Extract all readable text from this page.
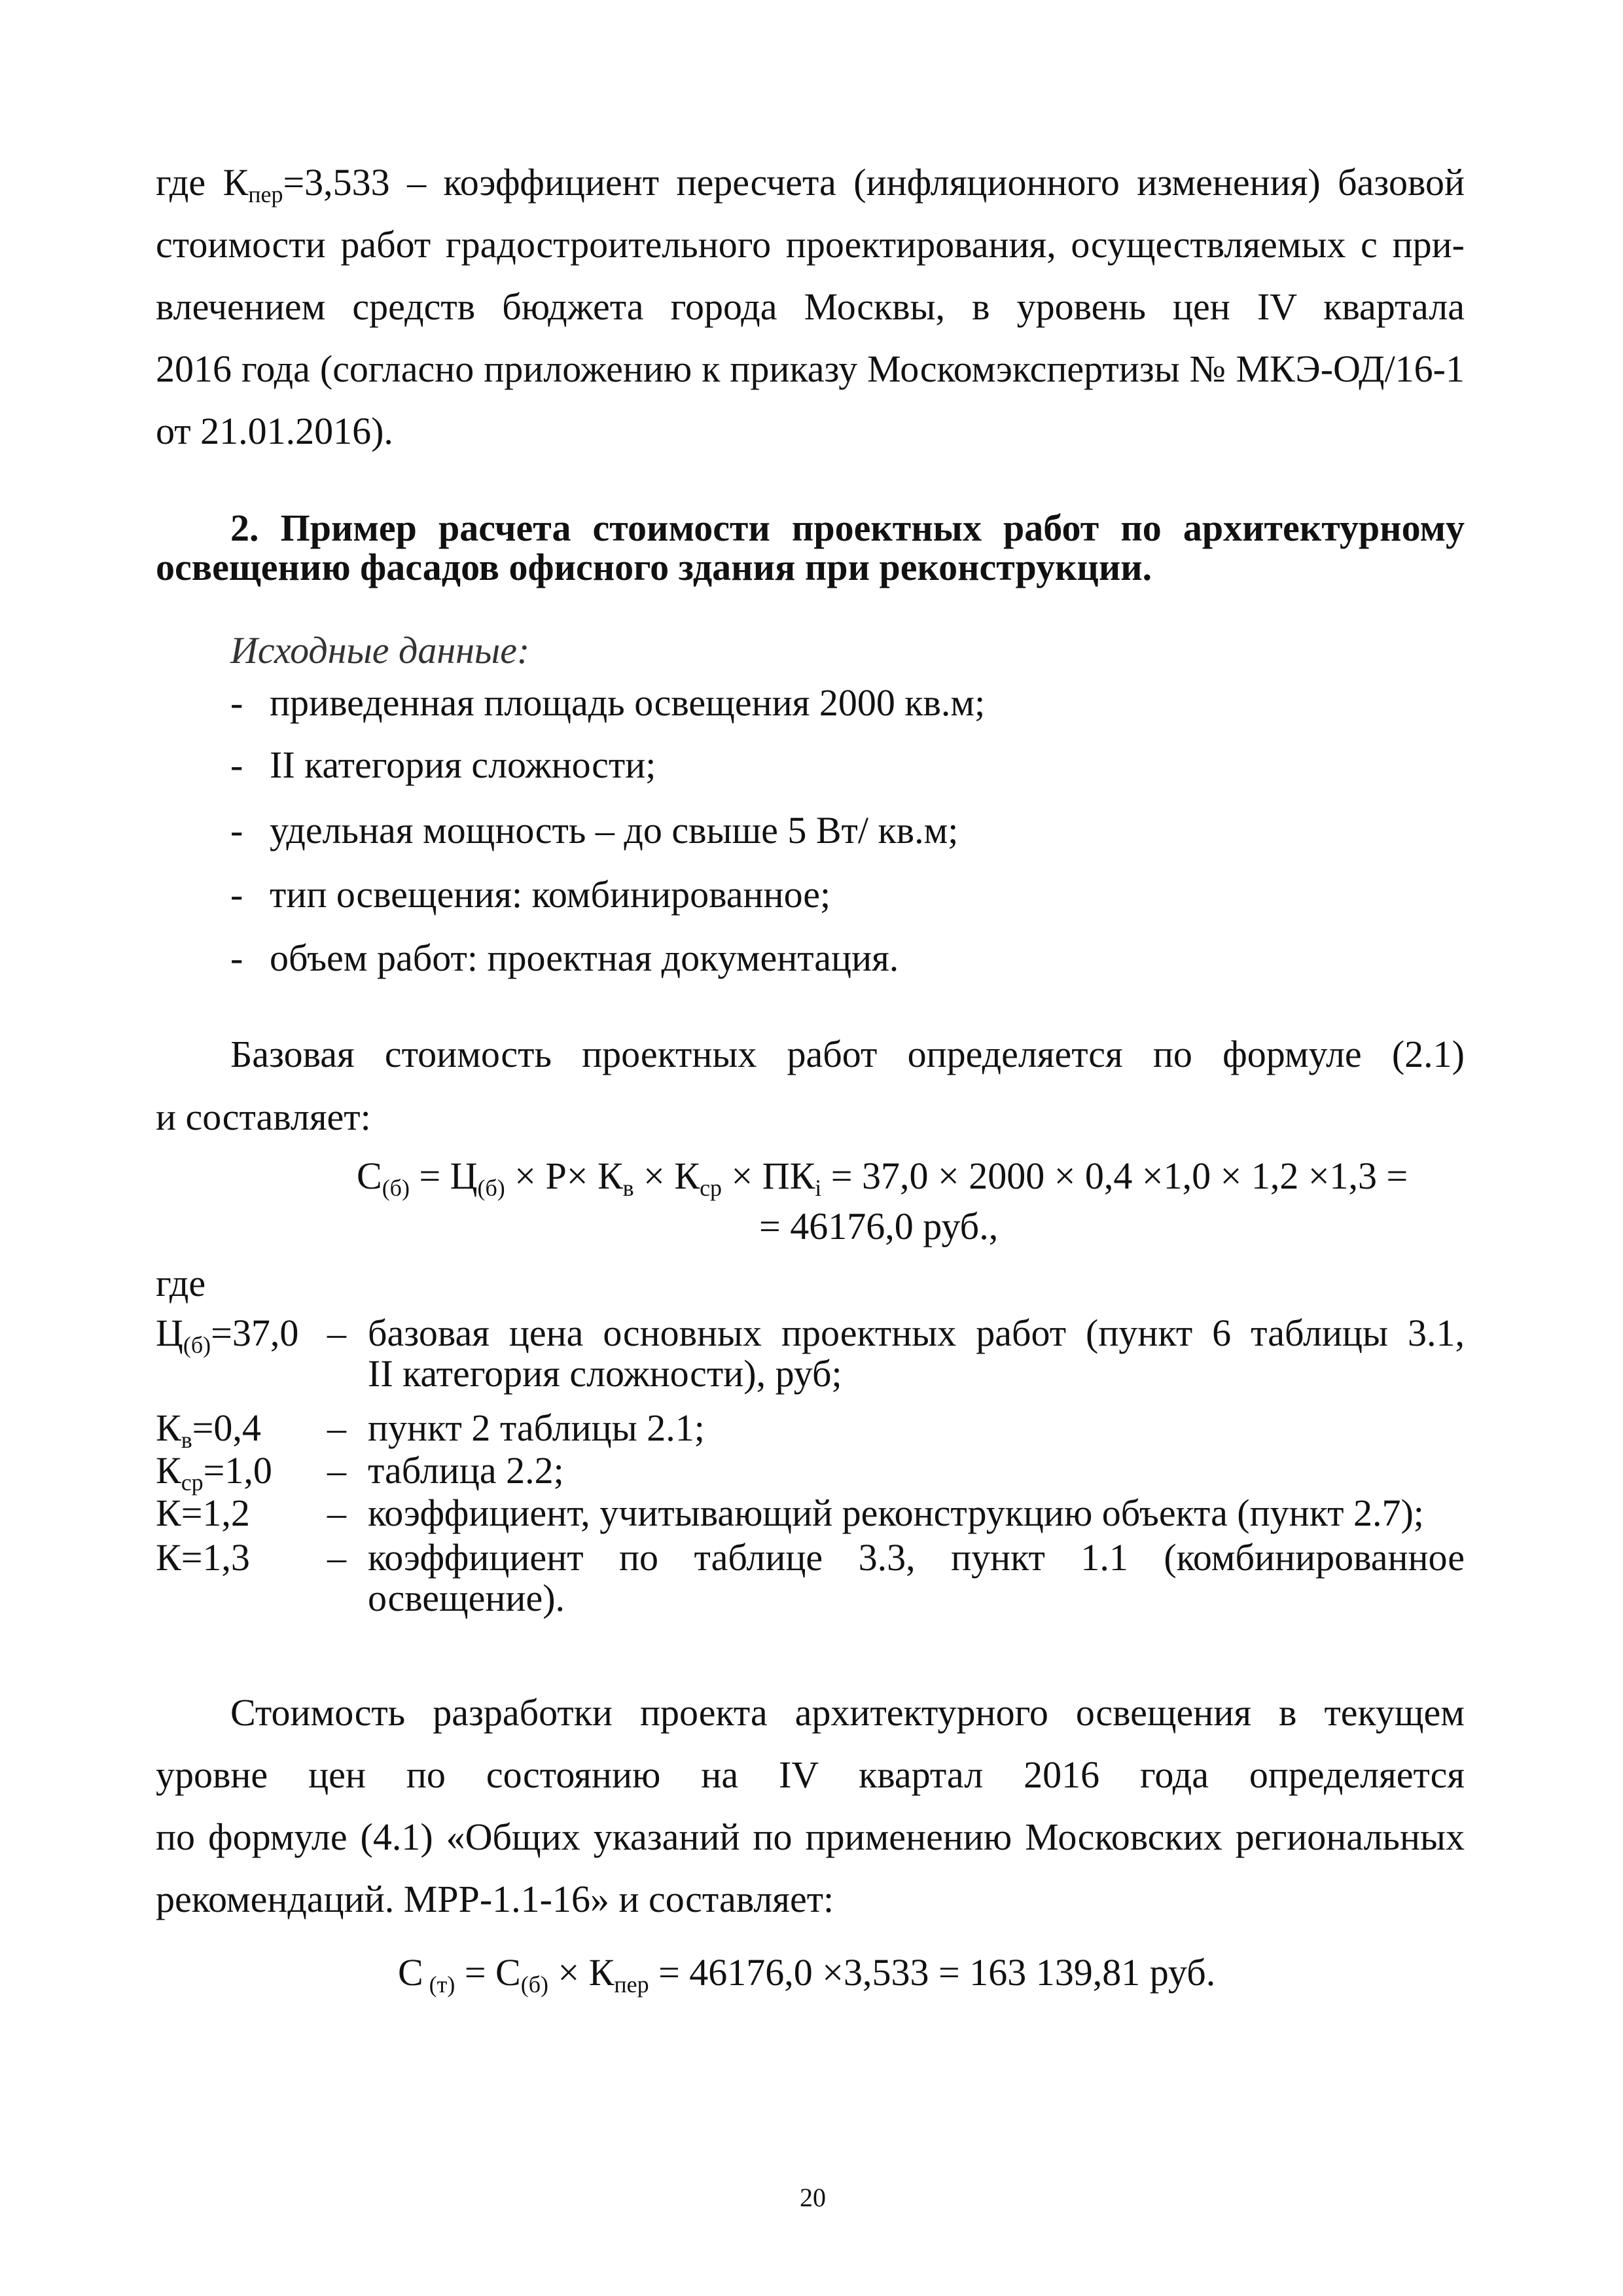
где $К_{пер}=3,533$ – коэффициент пересчета (инфляционного изменения) базовой
стоимости работ градостроительного проектирования, осуществляемых с при-
влечением средств бюджета города Москвы, в уровень цен IV квартала
2016 года (согласно приложению к приказу Москомэкспертизы № МКЭ-ОД/16-1
от 21.01.2016).
2. Пример расчета стоимости проектных работ по архитектурному
освещению фасадов офисного здания при реконструкции.
Исходные данные:
- приведенная площадь освещения 2000 кв.м;
- II категория сложности;
- удельная мощность – до свыше 5 Вт/ кв.м;
- тип освещения: комбинированное;
- объем работ: проектная документация.
Базовая стоимость проектных работ определяется по формуле (2.1)
и составляет:
$С_{(б)} = Ц_{(б)} \times Р\times К_в \times К_{ср} \times ПК_i = 37,0 \times 2000 \times 0,4 \times 1,0 \times 1,2 \times 1,3$ =
= 46176,0 руб.,
где
$Ц_{(б)}=37,0$ – базовая цена основных проектных работ (пункт 6 таблицы 3.1,
II категория сложности), руб;
$К_в=0,4$ – пункт 2 таблицы 2.1;
$К_{ср}=1,0$ – таблица 2.2;
К=1,2 – коэффициент, учитывающий реконструкцию объекта (пункт 2.7);
К=1,3 – коэффициент по таблице 3.3, пункт 1.1 (комбинированное
освещение).
Стоимость разработки проекта архитектурного освещения в текущем
уровне цен по состоянию на IV квартал 2016 года определяется
по формуле (4.1) «Общих указаний по применению Московских региональных
рекомендаций. МРР-1.1-16» и составляет:
С $_{(т)} = С_{(б)} \times К_{пер} = 46176,0 \times 3,533 = 163$ 139,81 руб.
20
